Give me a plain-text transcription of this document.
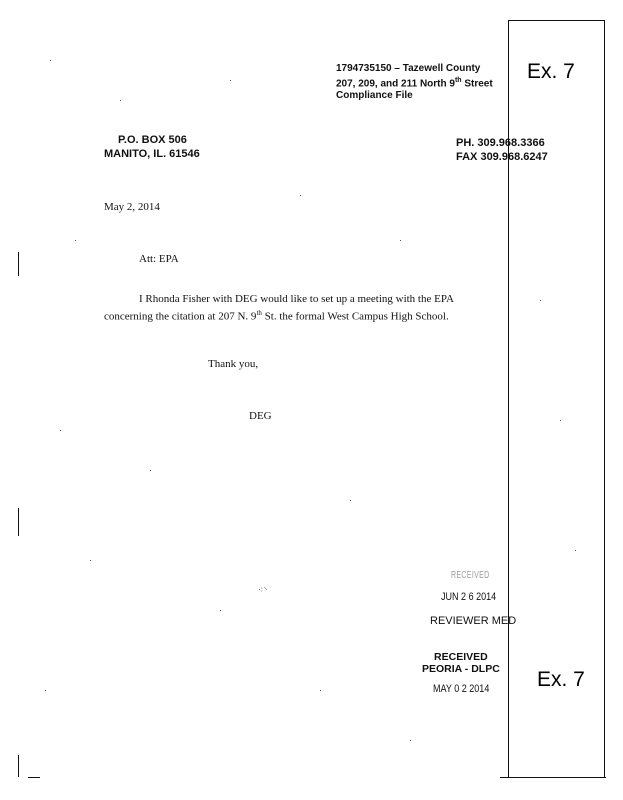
1794735150 – Tazewell County
207, 209, and 211 North 9th Street
Compliance File
Ex. 7
Ex. 7
P.O. BOX 506
MANITO, IL. 61546
PH. 309.968.3366
FAX 309.968.6247
May 2, 2014
Att: EPA
I Rhonda Fisher with DEG would like to set up a meeting with the EPA
concerning the citation at 207 N. 9th St. the formal West Campus High School.
Thank you,
DEG
⁖⸌
RECEIVED
JUN 2 6 2014
REVIEWER MED
RECEIVED
PEORIA - DLPC
MAY 0 2 2014
